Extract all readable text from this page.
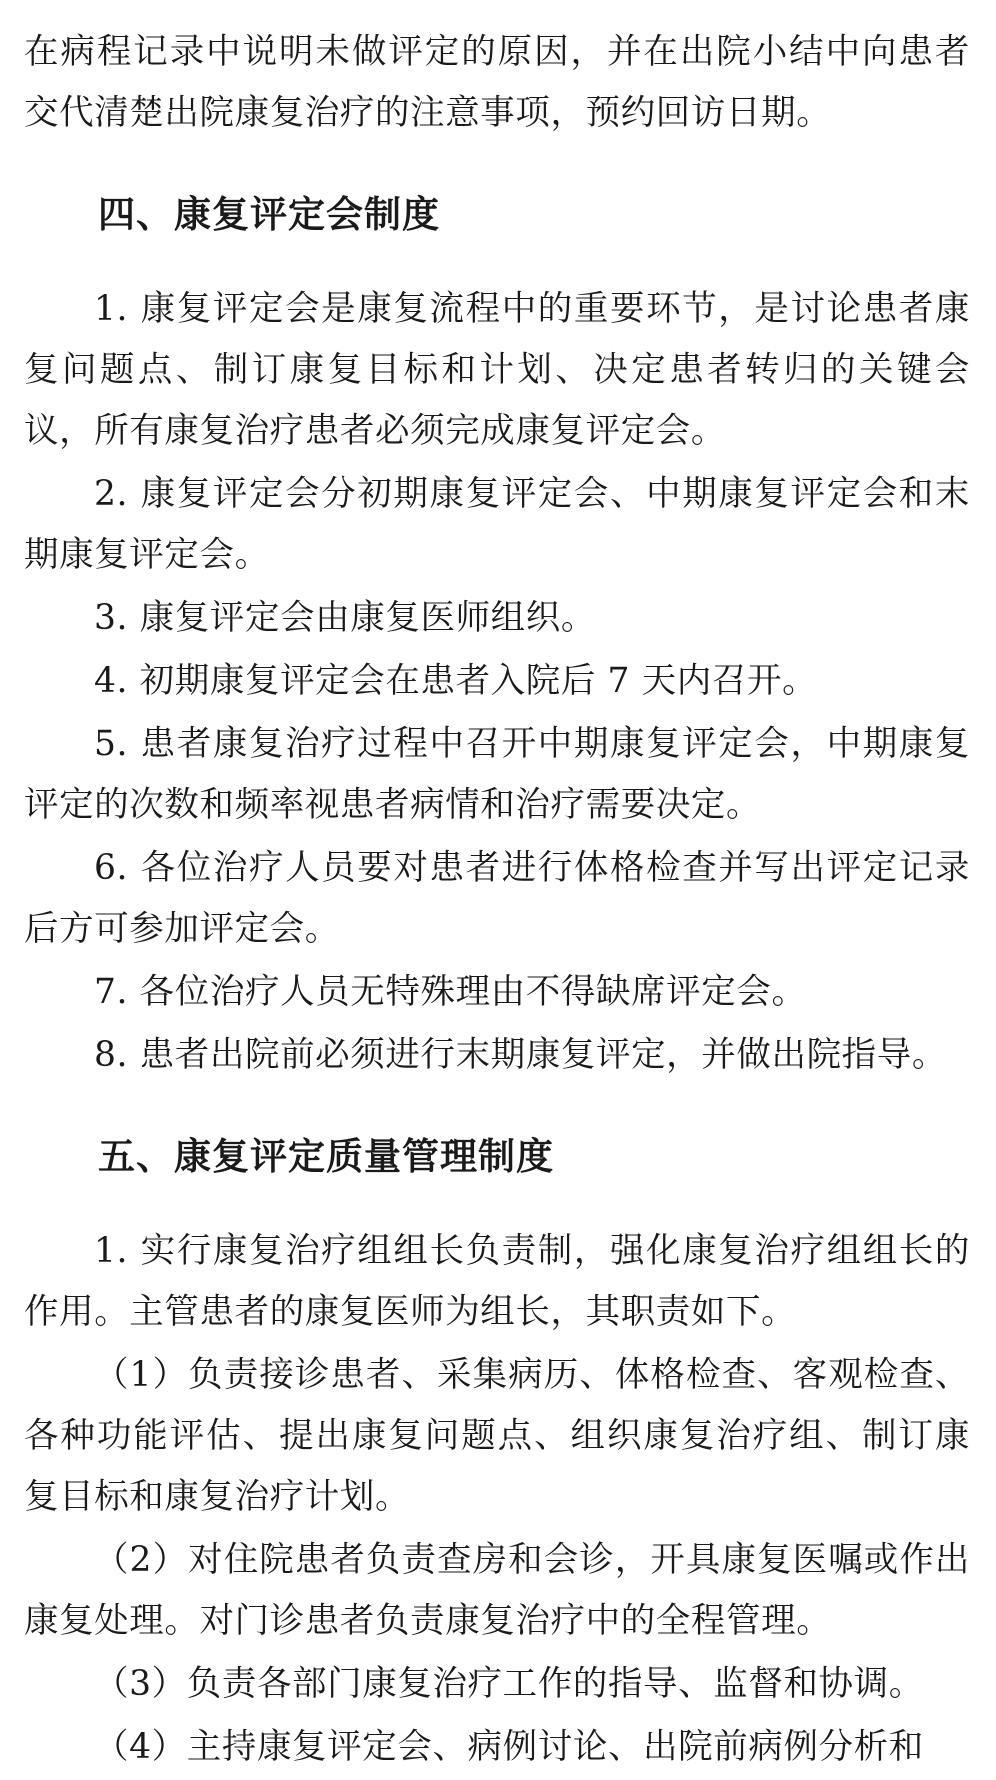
在病程记录中说明未做评定的原因，并在出院小结中向患者交代清楚出院康复治疗的注意事项，预约回访日期。

四、康复评定会制度

1. 康复评定会是康复流程中的重要环节，是讨论患者康复问题点、制订康复目标和计划、决定患者转归的关键会议，所有康复治疗患者必须完成康复评定会。

2. 康复评定会分初期康复评定会、中期康复评定会和末期康复评定会。

3. 康复评定会由康复医师组织。

4. 初期康复评定会在患者入院后 7 天内召开。

5. 患者康复治疗过程中召开中期康复评定会，中期康复评定的次数和频率视患者病情和治疗需要决定。

6. 各位治疗人员要对患者进行体格检查并写出评定记录后方可参加评定会。

7. 各位治疗人员无特殊理由不得缺席评定会。

8. 患者出院前必须进行末期康复评定，并做出院指导。

五、康复评定质量管理制度

1. 实行康复治疗组组长负责制，强化康复治疗组组长的作用。主管患者的康复医师为组长，其职责如下。

（1）负责接诊患者、采集病历、体格检查、客观检查、各种功能评估、提出康复问题点、组织康复治疗组、制订康复目标和康复治疗计划。

（2）对住院患者负责查房和会诊，开具康复医嘱或作出康复处理。对门诊患者负责康复治疗中的全程管理。

（3）负责各部门康复治疗工作的指导、监督和协调。

（4）主持康复评定会、病例讨论、出院前病例分析和
